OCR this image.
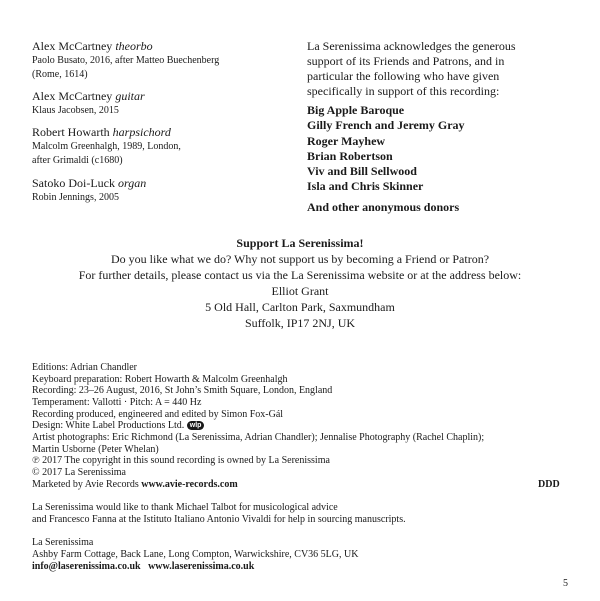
Alex McCartney theorbo
Paolo Busato, 2016, after Matteo Buechenberg
(Rome, 1614)
Alex McCartney guitar
Klaus Jacobsen, 2015
Robert Howarth harpsichord
Malcolm Greenhalgh, 1989, London,
after Grimaldi (c1680)
Satoko Doi-Luck organ
Robin Jennings, 2005
La Serenissima acknowledges the generous
support of its Friends and Patrons, and in
particular the following who have given
specifically in support of this recording:
Big Apple Baroque
Gilly French and Jeremy Gray
Roger Mayhew
Brian Robertson
Viv and Bill Sellwood
Isla and Chris Skinner
And other anonymous donors
Support La Serenissima!
Do you like what we do? Why not support us by becoming a Friend or Patron?
For further details, please contact us via the La Serenissima website or at the address below:
Elliot Grant
5 Old Hall, Carlton Park, Saxmundham
Suffolk, IP17 2NJ, UK
Editions: Adrian Chandler
Keyboard preparation: Robert Howarth & Malcolm Greenhalgh
Recording: 23–26 August, 2016, St John’s Smith Square, London, England
Temperament: Vallotti · Pitch: A = 440 Hz
Recording produced, engineered and edited by Simon Fox-Gál
Design: White Label Productions Ltd. wlp
Artist photographs: Eric Richmond (La Serenissima, Adrian Chandler); Jennalise Photography (Rachel Chaplin);
Martin Usborne (Peter Whelan)
℗ 2017 The copyright in this sound recording is owned by La Serenissima
© 2017 La Serenissima
Marketed by Avie Records www.avie-records.com	DDD
La Serenissima would like to thank Michael Talbot for musicological advice
and Francesco Fanna at the Istituto Italiano Antonio Vivaldi for help in sourcing manuscripts.
La Serenissima
Ashby Farm Cottage, Back Lane, Long Compton, Warwickshire, CV36 5LG, UK
info@laserenissima.co.uk www.laserenissima.co.uk
5
